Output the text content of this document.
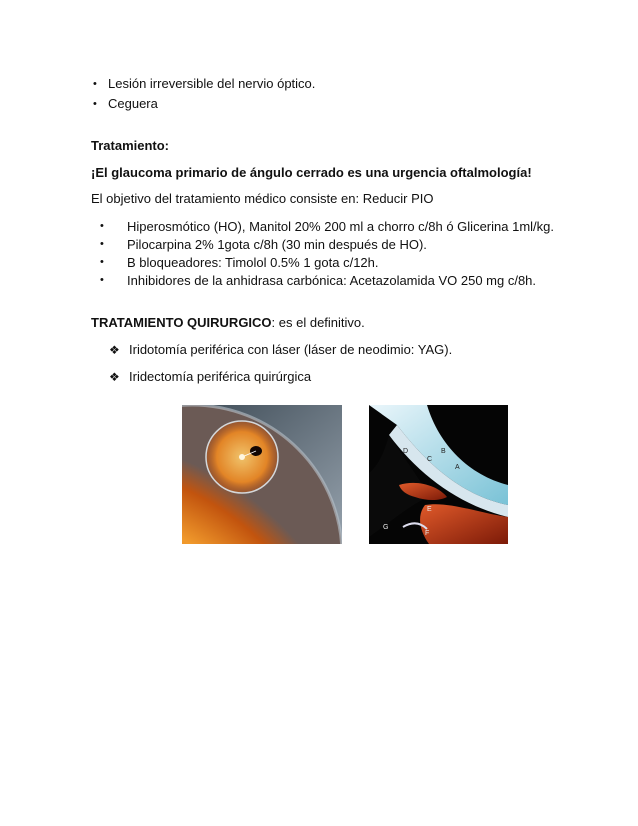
• Lesión irreversible del nervio óptico.
• Ceguera
Tratamiento:
¡El glaucoma primario de ángulo cerrado es una urgencia oftalmología!
El objetivo del tratamiento médico consiste en: Reducir PIO
• Hiperosmótico (HO), Manitol 20% 200 ml a chorro c/8h ó Glicerina 1ml/kg.
• Pilocarpina 2% 1gota c/8h (30 min después de HO).
• B bloqueadores: Timolol 0.5% 1 gota c/12h.
• Inhibidores de la anhidrasa carbónica: Acetazolamida VO 250 mg c/8h.
TRATAMIENTO QUIRURGICO: es el definitivo.
❖ Iridotomía periférica con láser (láser de neodimio: YAG).
❖ Iridectomía periférica quirúrgica
D	B
C
A
E
G
F
